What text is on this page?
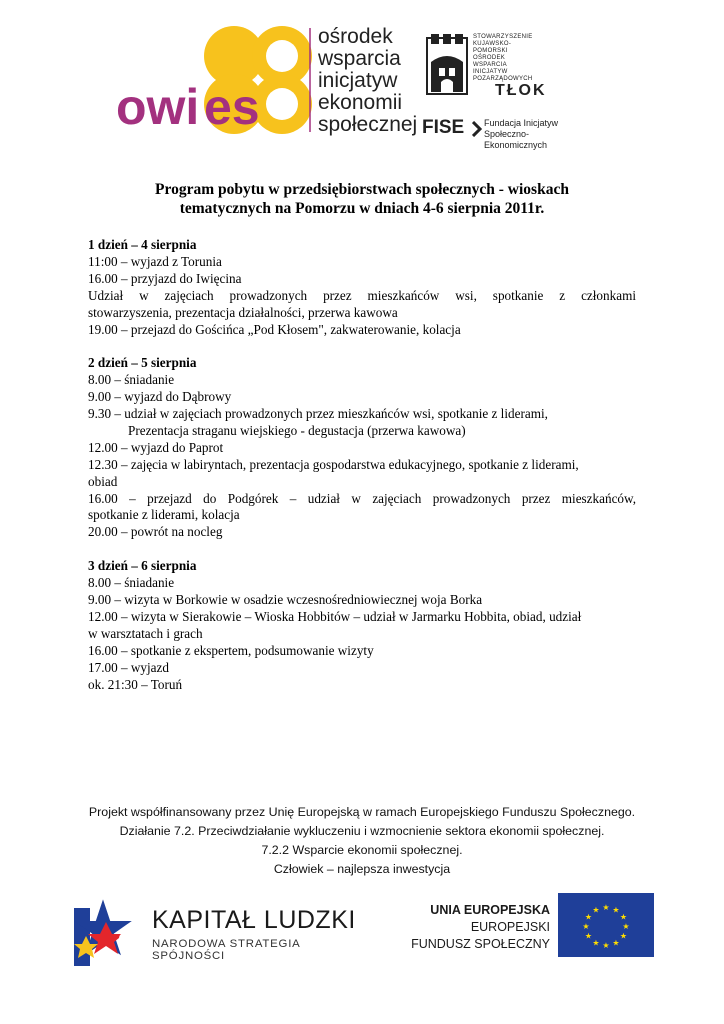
owi es
ośrodek
wsparcia
inicjatyw
ekonomii
społecznej
STOWARZYSZENIE
KUJAWSKO-
POMORSKI
OŚRODEK
WSPARCIA
INICJATYW
POZARZĄDOWYCH
TŁOK
FISE Fundacja Inicjatyw
Społeczno-Ekonomicznych
Program pobytu w przedsiębiorstwach społecznych - wioskach
tematycznych na Pomorzu w dniach 4-6 sierpnia 2011r.
1 dzień – 4 sierpnia
11:00 – wyjazd z Torunia
16.00 – przyjazd do Iwięcina
Udział w zajęciach prowadzonych przez mieszkańców wsi, spotkanie z członkami
stowarzyszenia, prezentacja działalności, przerwa kawowa
19.00 – przejazd do Gościńca „Pod Kłosem", zakwaterowanie, kolacja
2 dzień – 5 sierpnia
8.00 – śniadanie
9.00 – wyjazd do Dąbrowy
9.30 – udział w zajęciach prowadzonych przez mieszkańców wsi, spotkanie z liderami,
Prezentacja straganu wiejskiego - degustacja (przerwa kawowa)
12.00 – wyjazd do Paprot
12.30 – zajęcia w labiryntach, prezentacja gospodarstwa edukacyjnego, spotkanie z liderami,
obiad
16.00 – przejazd do Podgórek – udział w zajęciach prowadzonych przez mieszkańców,
spotkanie z liderami, kolacja
20.00 – powrót na nocleg
3 dzień – 6 sierpnia
8.00 – śniadanie
9.00 – wizyta w Borkowie w osadzie wczesnośredniowiecznej woja Borka
12.00 – wizyta w Sierakowie – Wioska Hobbitów – udział w Jarmarku Hobbita, obiad, udział
w warsztatach i grach
16.00 – spotkanie z ekspertem, podsumowanie wizyty
17.00 – wyjazd
ok. 21:30 – Toruń
Projekt współfinansowany przez Unię Europejską w ramach Europejskiego Funduszu Społecznego.
Działanie 7.2. Przeciwdziałanie wykluczeniu i wzmocnienie sektora ekonomii społecznej.
7.2.2 Wsparcie ekonomii społecznej.
Człowiek – najlepsza inwestycja
KAPITAŁ LUDZKI
NARODOWA STRATEGIA SPÓJNOŚCI
UNIA EUROPEJSKA
EUROPEJSKI
FUNDUSZ SPOŁECZNY
★ ★
★
★
★
★
★
★
★
★
★
★
